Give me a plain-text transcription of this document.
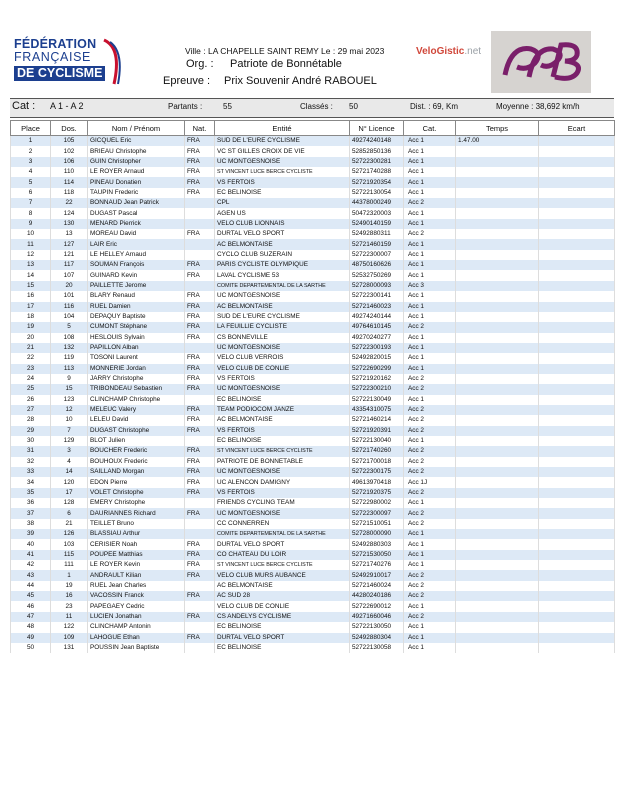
FÉDÉRATION
FRANÇAISE
DE CYCLISME
Ville : LA CHAPELLE SAINT REMY Le : 29 mai 2023
Org. : Patriote de Bonnétable
Epreuve : Prix Souvenir André RABOUEL
VeloGistic.net
Cat : A 1 - A 2	Partants :	55	Classés : 50	Dist. : 69, Km	Moyenne : 38,692 km/h
Place	Dos.	Nom / Prénom	Nat.	Entité	N° Licence	Cat.	Temps	Ecart
1	105	GICQUEL Eric	FRA	SUD DE L'EURE CYCLISME	49274240148	Acc 1	1.47.00	
2	102	BRIEAU Christophe	FRA	VC ST GILLES CROIX DE VIE	52852850136	Acc 1		
3	106	GUIN Christopher	FRA	UC MONTGESNOISE	52722300281	Acc 1		
4	110	LE ROYER Arnaud	FRA	ST VINCENT LUCE BERCE CYCLISTE	52721740288	Acc 1		
5	114	PINEAU Donatien	FRA	VS FERTOIS	52721920354	Acc 1		
6	118	TAUPIN Frederic	FRA	EC BELINOISE	52722130054	Acc 1		
7	22	BONNAUD Jean Patrick		CPL	44378000249	Acc 2		
8	124	DUGAST Pascal		AGEN US	50472320003	Acc 1		
9	130	MENARD Pierrick		VELO CLUB LIONNAIS	52490140159	Acc 1		
10	13	MOREAU David	FRA	DURTAL VELO SPORT	52492880311	Acc 2		
11	127	LAIR Eric		AC BELMONTAISE	52721460159	Acc 1		
12	121	LE HELLEY Arnaud		CYCLO CLUB SUZERAIN	52722300007	Acc 1		
13	117	SOUMAN François	FRA	PARIS CYCLISTE OLYMPIQUE	48750160626	Acc 1		
14	107	GUINARD Kevin	FRA	LAVAL CYCLISME 53	52532750269	Acc 1		
15	20	PAILLETTE Jerome		COMITE DEPARTEMENTAL DE LA SARTHE	52728000093	Acc 3		
16	101	BLARY Renaud	FRA	UC MONTGESNOISE	52722300141	Acc 1		
17	116	RUEL Damien	FRA	AC BELMONTAISE	52721460023	Acc 1		
18	104	DEPAQUY Baptiste	FRA	SUD DE L'EURE CYCLISME	49274240144	Acc 1		
19	5	CUMONT Stéphane	FRA	LA FEUILLIE CYCLISTE	49764610145	Acc 2		
20	108	HESLOUIS Sylvain	FRA	CS BONNEVILLE	49270240277	Acc 1		
21	132	PAPILLON Alban		UC MONTGESNOISE	52722300193	Acc 1		
22	119	TOSONI Laurent	FRA	VELO CLUB VERROIS	52492820015	Acc 1		
23	113	MONNERIE Jordan	FRA	VELO CLUB DE CONLIE	52722690299	Acc 1		
24	9	JARRY Christophe	FRA	VS FERTOIS	52721920162	Acc 2		
25	15	TRIBONDEAU Sebastien	FRA	UC MONTGESNOISE	52722300210	Acc 2		
26	123	CLINCHAMP Christophe		EC BELINOISE	52722130049	Acc 1		
27	12	MELEUC Valery	FRA	TEAM PODIOCOM JANZE	43354310075	Acc 2		
28	10	LELEU David	FRA	AC BELMONTAISE	52721460214	Acc 2		
29	7	DUGAST Christophe	FRA	VS FERTOIS	52721920391	Acc 2		
30	129	BLOT Julien		EC BELINOISE	52722130040	Acc 1		
31	3	BOUCHER Frederic	FRA	ST VINCENT LUCE BERCE CYCLISTE	52721740260	Acc 2		
32	4	BOUHOUX Frederic	FRA	PATRIOTE DE BONNETABLE	52721700018	Acc 2		
33	14	SAILLAND Morgan	FRA	UC MONTGESNOISE	52722300175	Acc 2		
34	120	EDON Pierre	FRA	UC ALENCON DAMIGNY	49613970418	Acc 1J		
35	17	VOLET Christophe	FRA	VS FERTOIS	52721920375	Acc 2		
36	128	EMERY Christophe		FRIENDS CYCLING TEAM	52722980002	Acc 1		
37	6	DAURIANNES Richard	FRA	UC MONTGESNOISE	52722300097	Acc 2		
38	21	TEILLET Bruno		CC CONNERREN	52721510051	Acc 2		
39	126	BLASSIAU Arthur		COMITE DEPARTEMENTAL DE LA SARTHE	52728000090	Acc 1		
40	103	CERISIER Noah	FRA	DURTAL VELO SPORT	52492880303	Acc 1		
41	115	POUPEE Matthias	FRA	CO CHATEAU DU LOIR	52721530050	Acc 1		
42	111	LE ROYER Kevin	FRA	ST VINCENT LUCE BERCE CYCLISTE	52721740276	Acc 1		
43	1	ANDRAULT Kilian	FRA	VELO CLUB MURS AUBANCE	52492910017	Acc 2		
44	19	RUEL Jean Charles		AC BELMONTAISE	52721460024	Acc 2		
45	16	VACOSSIN Franck	FRA	AC SUD 28	44280240186	Acc 2		
46	23	PAPEGAEY Cedric		VELO CLUB DE CONLIE	52722690012	Acc 1		
47	11	LUCIEN Jonathan	FRA	CS ANDELYS CYCLISME	49271660046	Acc 2		
48	122	CLINCHAMP Antonin		EC BELINOISE	52722130050	Acc 1		
49	109	LAHOGUE Ethan	FRA	DURTAL VELO SPORT	52492880304	Acc 1		
50	131	POUSSIN Jean Baptiste		EC BELINOISE	52722130058	Acc 1		
